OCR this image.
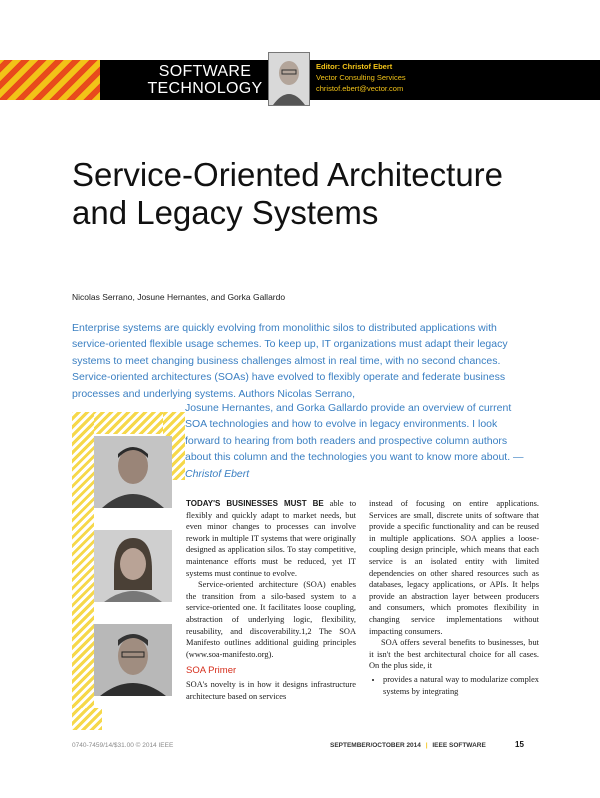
SOFTWARE
TECHNOLOGY
Editor: Christof Ebert
Vector Consulting Services
christof.ebert@vector.com
Service-Oriented Architecture and Legacy Systems
Nicolas Serrano, Josune Hernantes, and Gorka Gallardo
Enterprise systems are quickly evolving from monolithic silos to distributed applications with service-oriented flexible usage schemes. To keep up, IT organizations must adapt their legacy systems to meet changing business challenges almost in real time, with no second chances. Service-oriented architectures (SOAs) have evolved to flexibly operate and federate business processes and underlying systems. Authors Nicolas Serrano,
Josune Hernantes, and Gorka Gallardo provide an overview of current SOA technologies and how to evolve in legacy environments. I look forward to hearing from both readers and prospective column authors about this column and the technologies you want to know more about. —Christof Ebert

TODAY'S BUSINESSES MUST BE able to flexibly and quickly adapt to market needs, but even minor changes to processes can involve rework in multiple IT systems that were originally designed as application silos. To stay competitive, maintenance efforts must be reduced, yet IT systems must continue to evolve.

Service-oriented architecture (SOA) enables the transition from a silo-based system to a service-oriented one. It facilitates loose coupling, abstraction of underlying logic, flexibility, reusability, and discoverability.1,2 The SOA Manifesto outlines additional guiding principles (www.soa-manifesto.org).

SOA Primer

SOA's novelty is in how it designs infrastructure architecture based on services

instead of focusing on entire applications. Services are small, discrete units of software that provide a specific functionality and can be reused in multiple applications. SOA applies a loose-coupling design principle, which means that each service is an isolated entity with limited dependencies on other shared resources such as databases, legacy applications, or APIs. It helps provide an abstraction layer between producers and consumers, which promotes flexibility in changing service implementations without impacting consumers.

SOA offers several benefits to businesses, but it isn't the best architectural choice for all cases. On the plus side, it

• provides a natural way to modularize complex systems by integrating
0740-7459/14/$31.00 © 2014 IEEE	SEPTEMBER/OCTOBER 2014 | IEEE SOFTWARE	15
